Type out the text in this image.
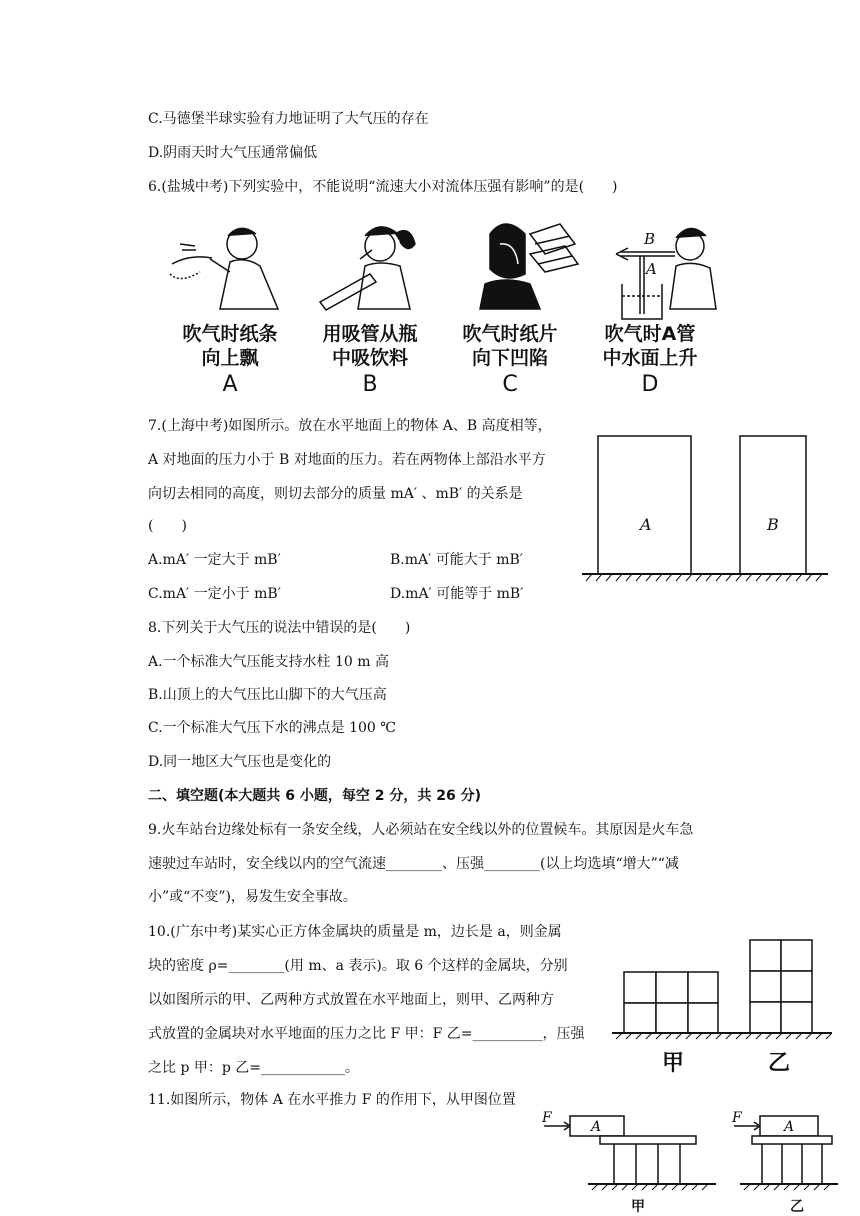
C.马德堡半球实验有力地证明了大气压的存在
D.阴雨天时大气压通常偏低
6.(盐城中考)下列实验中，不能说明“流速大小对流体压强有影响”的是(　　)
B
A
吹气时纸条
向上飘
用吸管从瓶
中吸饮料
吹气时纸片
向下凹陷
吹气时A管
中水面上升
A	B	C	D
7.(上海中考)如图所示。放在水平地面上的物体 A、B 高度相等，
A 对地面的压力小于 B 对地面的压力。若在两物体上部沿水平方
向切去相同的高度，则切去部分的质量 mA′ 、mB′ 的关系是
(　　)
A.mA′ 一定大于 mB′	B.mA′ 可能大于 mB′
C.mA′ 一定小于 mB′	D.mA′ 可能等于 mB′
A	B
8.下列关于大气压的说法中错误的是(　　)
A.一个标准大气压能支持水柱 10 m 高
B.山顶上的大气压比山脚下的大气压高
C.一个标准大气压下水的沸点是 100 ℃
D.同一地区大气压也是变化的
二、填空题(本大题共 6 小题，每空 2 分，共 26 分)
9.火车站台边缘处标有一条安全线，人必须站在安全线以外的位置候车。其原因是火车急
速驶过车站时，安全线以内的空气流速________、压强________(以上均选填“增大”“减
小”或“不变”)，易发生安全事故。
10.(广东中考)某实心正方体金属块的质量是 m，边长是 a，则金属
块的密度 ρ=________(用 m、a 表示)。取 6 个这样的金属块，分别
以如图所示的甲、乙两种方式放置在水平地面上，则甲、乙两种方
式放置的金属块对水平地面的压力之比 F 甲：F 乙=__________，压强
之比 p 甲：p 乙=____________。	甲	乙
11.如图所示，物体 A 在水平推力 F 的作用下，从甲图位置
F
A
F
A
甲	乙
